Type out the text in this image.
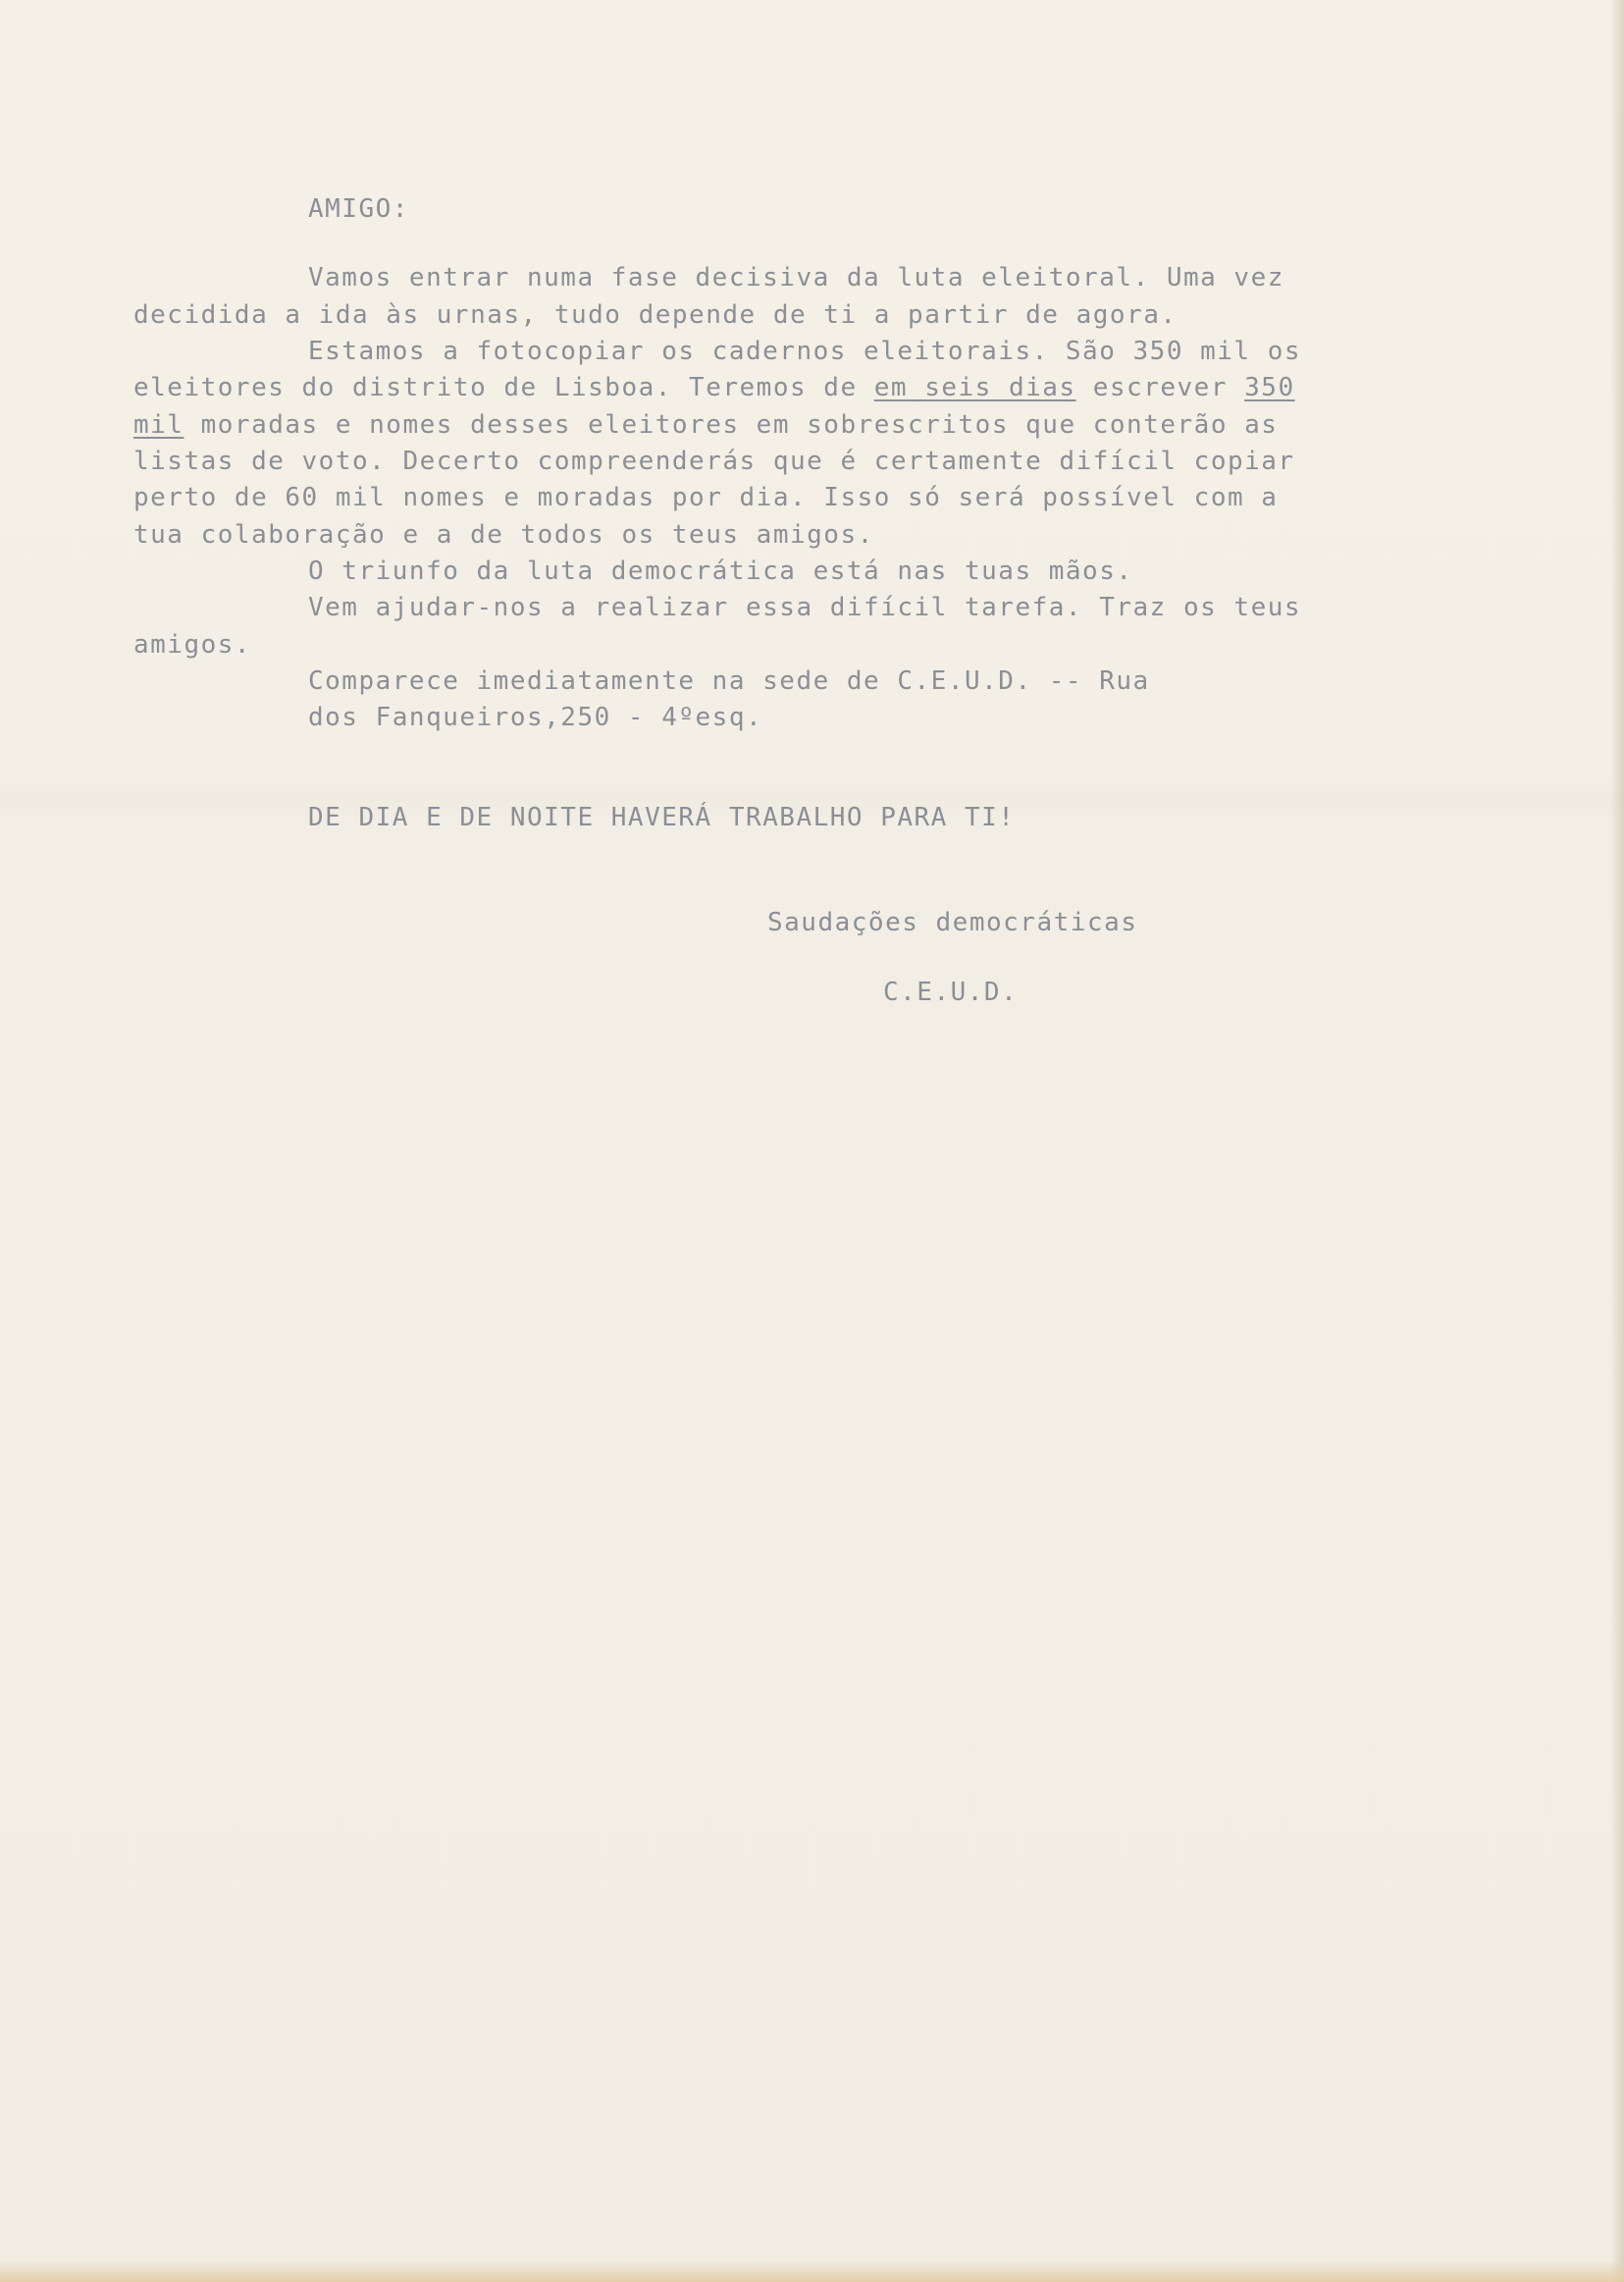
AMIGO:

Vamos entrar numa fase decisiva da luta eleitoral. Uma vez

decidida a ida às urnas, tudo depende de ti a partir de agora.

Estamos a fotocopiar os cadernos eleitorais. São 350 mil os

eleitores do distrito de Lisboa. Teremos de em seis dias escrever 350

mil moradas e nomes desses eleitores em sobrescritos que conterão as

listas de voto. Decerto compreenderás que é certamente difícil copiar

perto de 60 mil nomes e moradas por dia. Isso só será possível com a

tua colaboração e a de todos os teus amigos.

O triunfo da luta democrática está nas tuas mãos.

Vem ajudar-nos a realizar essa difícil tarefa. Traz os teus

amigos.

Comparece imediatamente na sede de C.E.U.D. -- Rua

dos Fanqueiros,250 - 4ºesq.

DE DIA E DE NOITE HAVERÁ TRABALHO PARA TI!

Saudações democráticas

C.E.U.D.
